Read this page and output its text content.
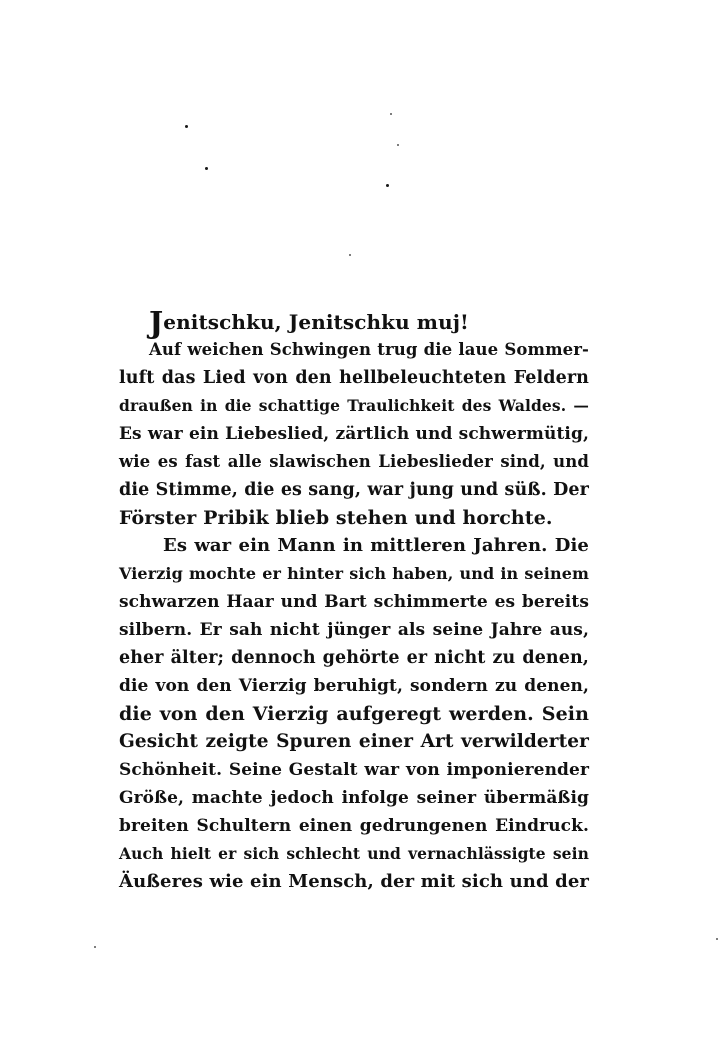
Jenitschku, Jenitschku muj!
Auf weichen Schwingen trug die laue Sommer-
luft das Lied von den hellbeleuchteten Feldern
draußen in die schattige Traulichkeit des Waldes. —
Es war ein Liebeslied, zärtlich und schwermütig,
wie es fast alle slawischen Liebeslieder sind, und
die Stimme, die es sang, war jung und süß. Der
Förster Pribik blieb stehen und horchte.
Es war ein Mann in mittleren Jahren. Die
Vierzig mochte er hinter sich haben, und in seinem
schwarzen Haar und Bart schimmerte es bereits
silbern. Er sah nicht jünger als seine Jahre aus,
eher älter; dennoch gehörte er nicht zu denen,
die von den Vierzig beruhigt, sondern zu denen,
die von den Vierzig aufgeregt werden. Sein
Gesicht zeigte Spuren einer Art verwilderter
Schönheit. Seine Gestalt war von imponierender
Größe, machte jedoch infolge seiner übermäßig
breiten Schultern einen gedrungenen Eindruck.
Auch hielt er sich schlecht und vernachlässigte sein
Äußeres wie ein Mensch, der mit sich und der
